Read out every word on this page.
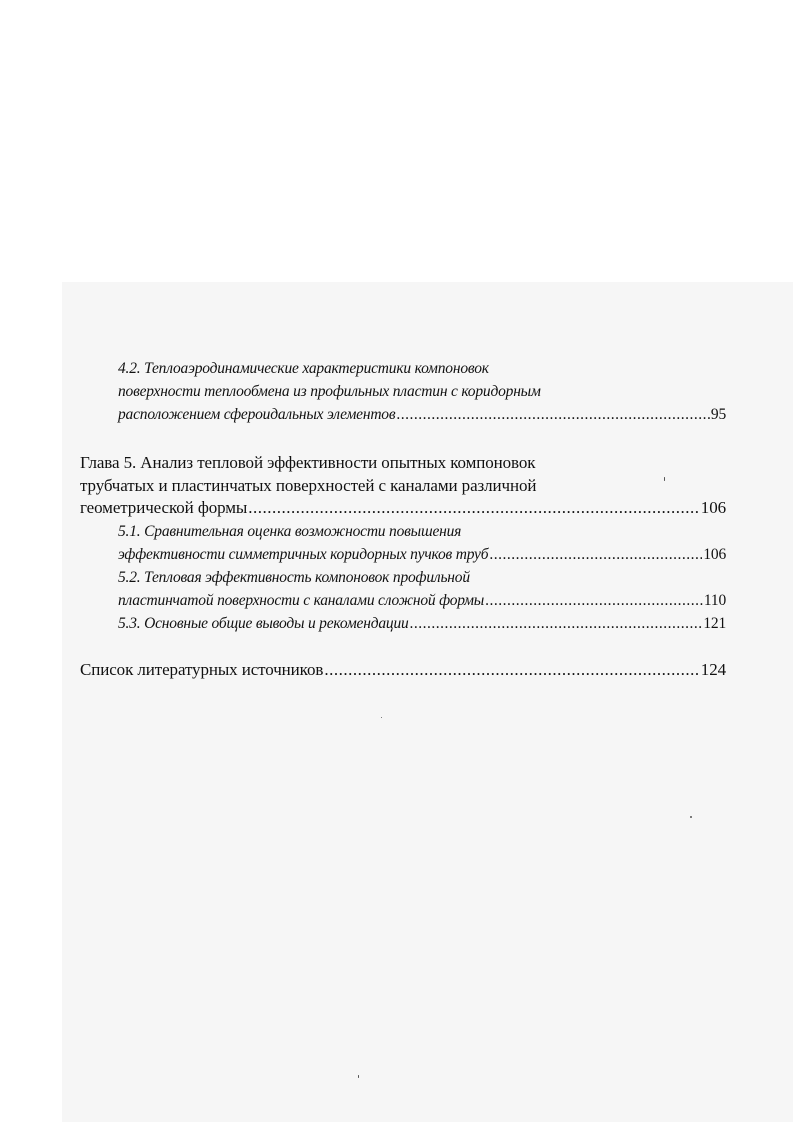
4.2. Теплоаэродинамические характеристики компоновок
поверхности теплообмена из профильных пластин с коридорным
расположением сфероидальных элементов .....	95
Глава 5. Анализ тепловой эффективности опытных компоновок
трубчатых и пластинчатых поверхностей с каналами различной
геометрической формы .....	106
5.1. Сравнительная оценка возможности повышения
эффективности симметричных коридорных пучков труб .....	106
5.2. Тепловая эффективность компоновок профильной
пластинчатой поверхности с каналами сложной формы .....	110
5.3. Основные общие выводы и рекомендации .....	121
Список литературных источников .....	124
